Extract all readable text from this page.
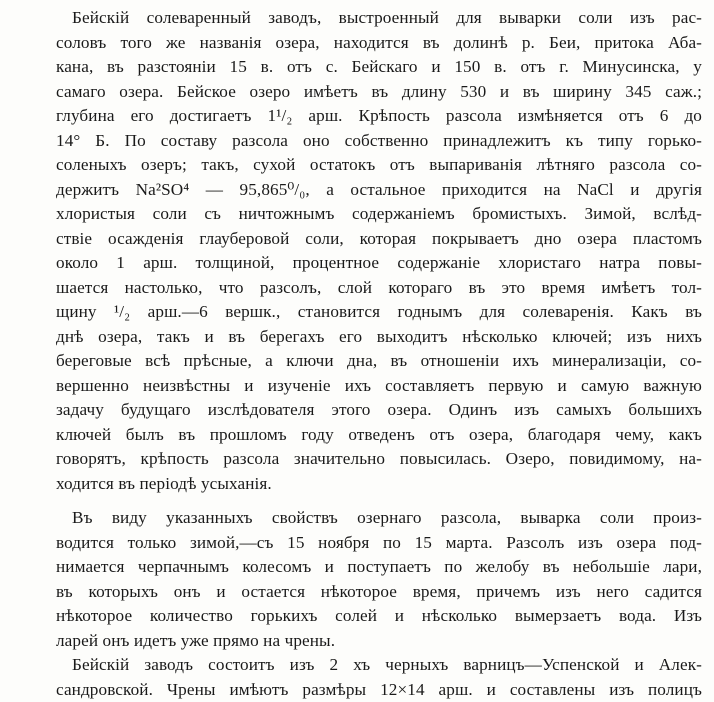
Бейскій солеваренный заводъ, выстроенный для выварки соли изъ рас-
соловъ того же названія озера, находится въ долинѣ р. Беи, притока Аба-
кана, въ разстояніи 15 в. отъ с. Бейскаго и 150 в. отъ г. Минусинска, у
самаго озера. Бейское озеро имѣетъ въ длину 530 и въ ширину 345 саж.;
глубина его достигаетъ 1¹/₂ арш. Крѣпость разсола измѣняется отъ 6 до
14° Б. По составу разсола оно собственно принадлежитъ къ типу горько-
соленыхъ озеръ; такъ, сухой остатокъ отъ выпариванія лѣтняго разсола со-
держитъ Na²SO⁴ — 95,865⁰/₀, а остальное приходится на NaCl и другія
хлористыя соли съ ничтожнымъ содержаніемъ бромистыхъ. Зимой, вслѣд-
ствіе осажденія глауберовой соли, которая покрываетъ дно озера пластомъ
около 1 арш. толщиной, процентное содержаніе хлористаго натра повы-
шается настолько, что разсолъ, слой котораго въ это время имѣетъ тол-
щину ¹/₂ арш.—6 вершк., становится годнымъ для солеваренія. Какъ въ
днѣ озера, такъ и въ берегахъ его выходитъ нѣсколько ключей; изъ нихъ
береговые всѣ прѣсные, а ключи дна, въ отношеніи ихъ минерализаціи, со-
вершенно неизвѣстны и изученіе ихъ составляетъ первую и самую важную
задачу будущаго изслѣдователя этого озера. Одинъ изъ самыхъ большихъ
ключей былъ въ прошломъ году отведенъ отъ озера, благодаря чему, какъ
говорятъ, крѣпость разсола значительно повысилась. Озеро, повидимому, на-
ходится въ періодѣ усыханія.
Въ виду указанныхъ свойствъ озернаго разсола, выварка соли произ-
водится только зимой,—съ 15 ноября по 15 марта. Разсолъ изъ озера под-
нимается черпачнымъ колесомъ и поступаетъ по желобу въ небольшіе лари,
въ которыхъ онъ и остается нѣкоторое время, причемъ изъ него садится
нѣкоторое количество горькихъ солей и нѣсколько вымерзаетъ вода. Изъ
ларей онъ идетъ уже прямо на чрены.
Бейскій заводъ состоитъ изъ 2 хъ черныхъ варницъ—Успенской и Алек-
сандровской. Чрены имѣютъ размѣры 12×14 арш. и составлены изъ полицъ
